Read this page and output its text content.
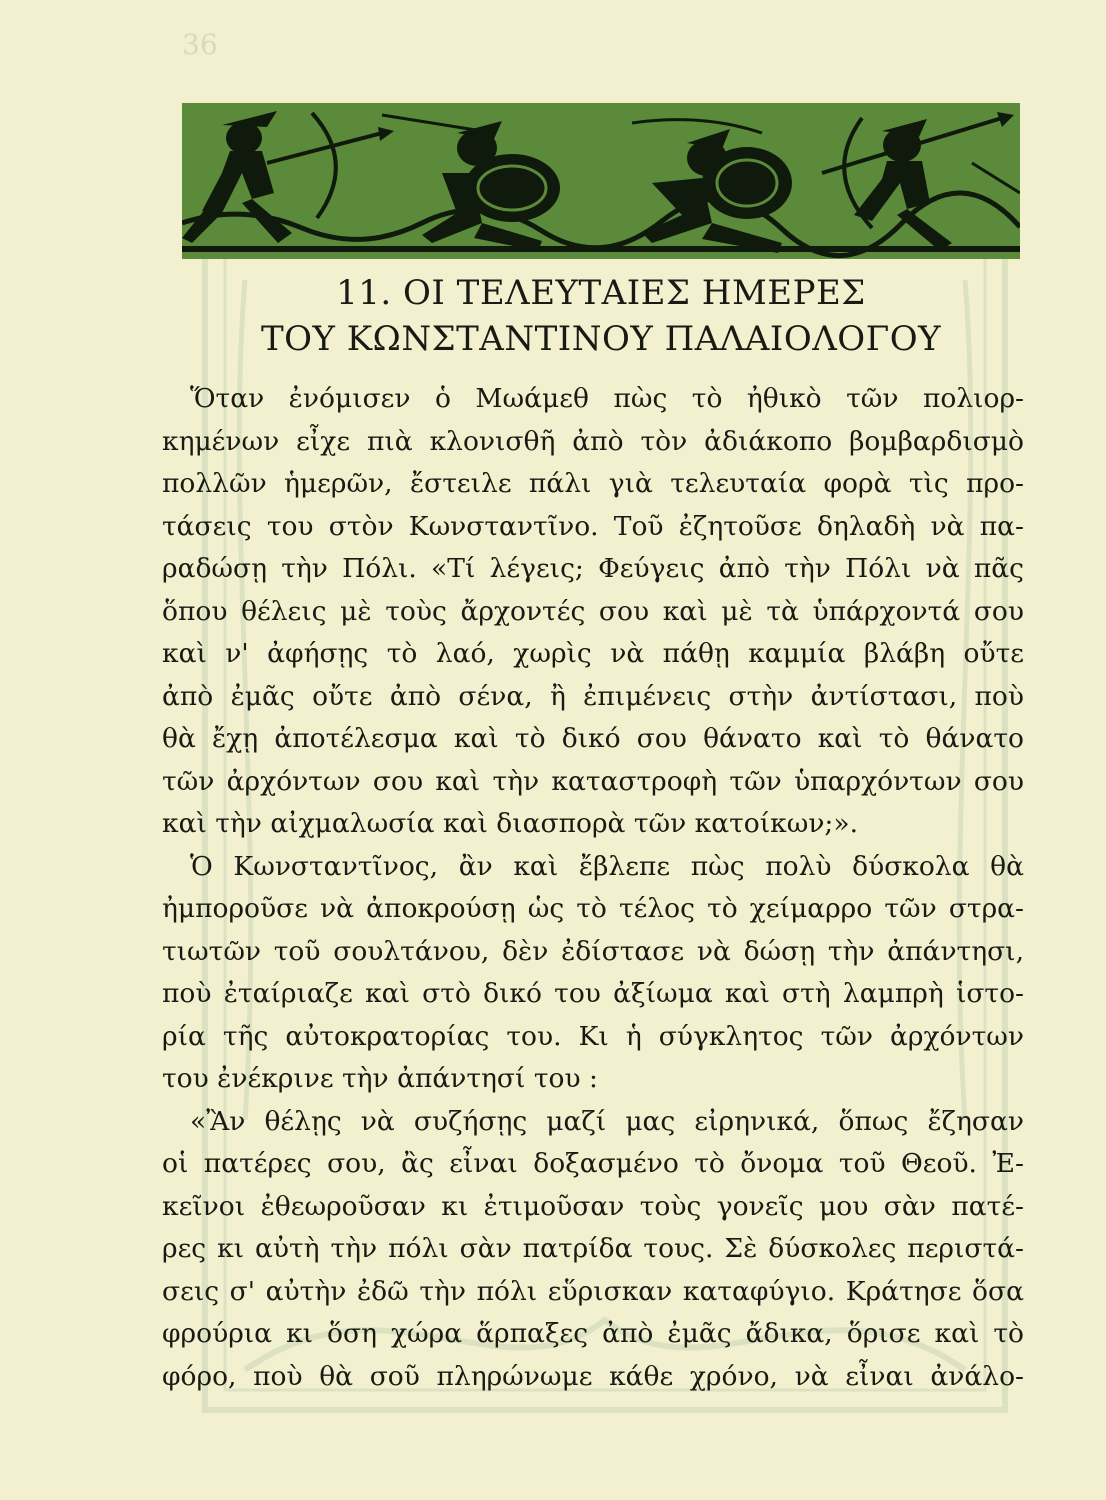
36
11. ΟΙ ΤΕΛΕΥΤΑΙΕΣ ΗΜΕΡΕΣ
ΤΟΥ ΚΩΝΣΤΑΝΤΙΝΟΥ ΠΑΛΑΙΟΛΟΓΟΥ
Ὅταν ἐνόμισεν ὁ Μωάμεθ πὼς τὸ ἠθικὸ τῶν πολιορ-
κημένων εἶχε πιὰ κλονισθῆ ἀπὸ τὸν ἀδιάκοπο βομβαρδισμὸ
πολλῶν ἡμερῶν, ἔστειλε πάλι γιὰ τελευταία φορὰ τὶς προ-
τάσεις του στὸν Κωνσταντῖνο. Τοῦ ἐζητοῦσε δηλαδὴ νὰ πα-
ραδώσῃ τὴν Πόλι. «Τί λέγεις; Φεύγεις ἀπὸ τὴν Πόλι νὰ πᾶς
ὅπου θέλεις μὲ τοὺς ἄρχοντές σου καὶ μὲ τὰ ὑπάρχοντά σου
καὶ ν' ἀφήσῃς τὸ λαό, χωρὶς νὰ πάθῃ καμμία βλάβη οὔτε
ἀπὸ ἐμᾶς οὔτε ἀπὸ σένα, ἢ ἐπιμένεις στὴν ἀντίστασι, ποὺ
θὰ ἔχῃ ἀποτέλεσμα καὶ τὸ δικό σου θάνατο καὶ τὸ θάνατο
τῶν ἀρχόντων σου καὶ τὴν καταστροφὴ τῶν ὑπαρχόντων σου
καὶ τὴν αἰχμαλωσία καὶ διασπορὰ τῶν κατοίκων;».
Ὁ Κωνσταντῖνος, ἂν καὶ ἔβλεπε πὼς πολὺ δύσκολα θὰ
ἠμποροῦσε νὰ ἀποκρούσῃ ὡς τὸ τέλος τὸ χείμαρρο τῶν στρα-
τιωτῶν τοῦ σουλτάνου, δὲν ἐδίστασε νὰ δώσῃ τὴν ἀπάντησι,
ποὺ ἐταίριαζε καὶ στὸ δικό του ἀξίωμα καὶ στὴ λαμπρὴ ἱστο-
ρία τῆς αὐτοκρατορίας του. Κι ἡ σύγκλητος τῶν ἀρχόντων
του ἐνέκρινε τὴν ἀπάντησί του :
«Ἂν θέλῃς νὰ συζήσῃς μαζί μας εἰρηνικά, ὅπως ἔζησαν
οἱ πατέρες σου, ἂς εἶναι δοξασμένο τὸ ὄνομα τοῦ Θεοῦ. Ἐ-
κεῖνοι ἐθεωροῦσαν κι ἐτιμοῦσαν τοὺς γονεῖς μου σὰν πατέ-
ρες κι αὐτὴ τὴν πόλι σὰν πατρίδα τους. Σὲ δύσκολες περιστά-
σεις σ' αὐτὴν ἐδῶ τὴν πόλι εὕρισκαν καταφύγιο. Κράτησε ὅσα
φρούρια κι ὅση χώρα ἅρπαξες ἀπὸ ἐμᾶς ἄδικα, ὅρισε καὶ τὸ
φόρο, ποὺ θὰ σοῦ πληρώνωμε κάθε χρόνο, νὰ εἶναι ἀνάλο-
